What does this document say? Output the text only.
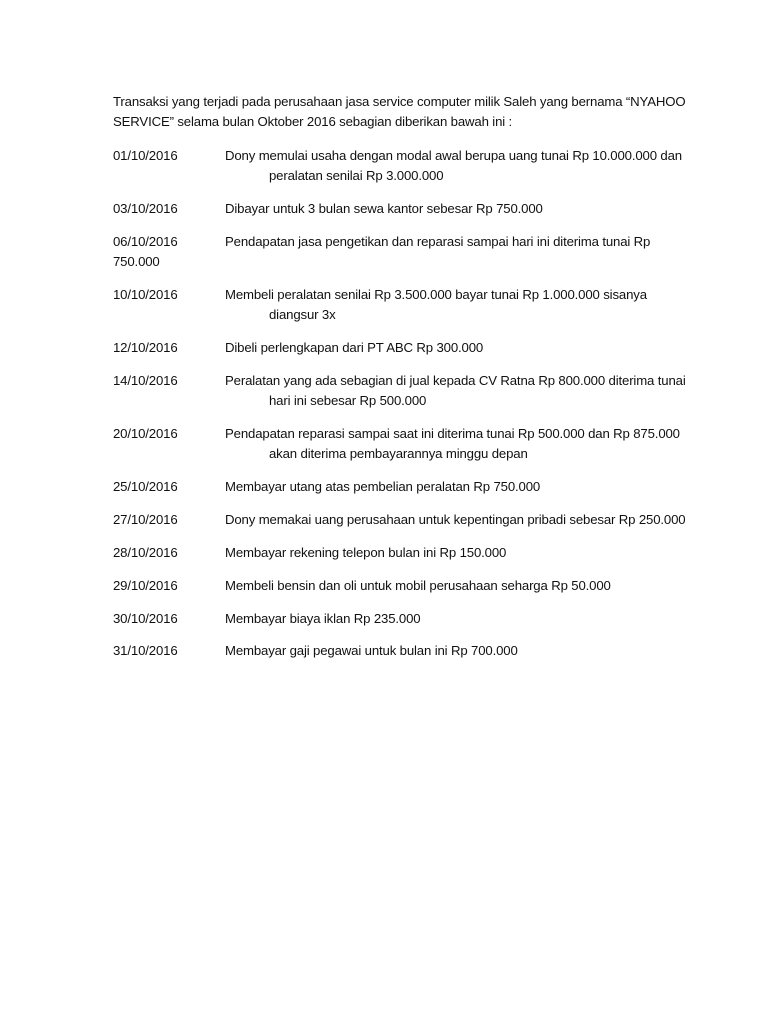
Transaksi yang terjadi pada perusahaan jasa service computer milik Saleh yang bernama “NYAHOO SERVICE” selama bulan Oktober 2016 sebagian diberikan bawah ini :

01/10/2016	Dony memulai usaha dengan modal awal berupa uang tunai Rp 10.000.000 dan
peralatan senilai Rp 3.000.000
03/10/2016	Dibayar untuk 3 bulan sewa kantor sebesar Rp 750.000
06/10/2016	Pendapatan jasa pengetikan dan reparasi sampai hari ini diterima tunai Rp
750.000
10/10/2016	Membeli peralatan senilai Rp 3.500.000 bayar tunai Rp 1.000.000 sisanya
diangsur 3x
12/10/2016	Dibeli perlengkapan dari PT ABC Rp 300.000
14/10/2016	Peralatan yang ada sebagian di jual kepada CV Ratna Rp 800.000 diterima tunai
hari ini sebesar Rp 500.000
20/10/2016	Pendapatan reparasi sampai saat ini diterima tunai Rp 500.000 dan Rp 875.000
akan diterima pembayarannya minggu depan
25/10/2016	Membayar utang atas pembelian peralatan Rp 750.000
27/10/2016	Dony memakai uang perusahaan untuk kepentingan pribadi sebesar Rp 250.000
28/10/2016	Membayar rekening telepon bulan ini Rp 150.000
29/10/2016	Membeli bensin dan oli untuk mobil perusahaan seharga Rp 50.000
30/10/2016	Membayar biaya iklan Rp 235.000
31/10/2016	Membayar gaji pegawai untuk bulan ini Rp 700.000
